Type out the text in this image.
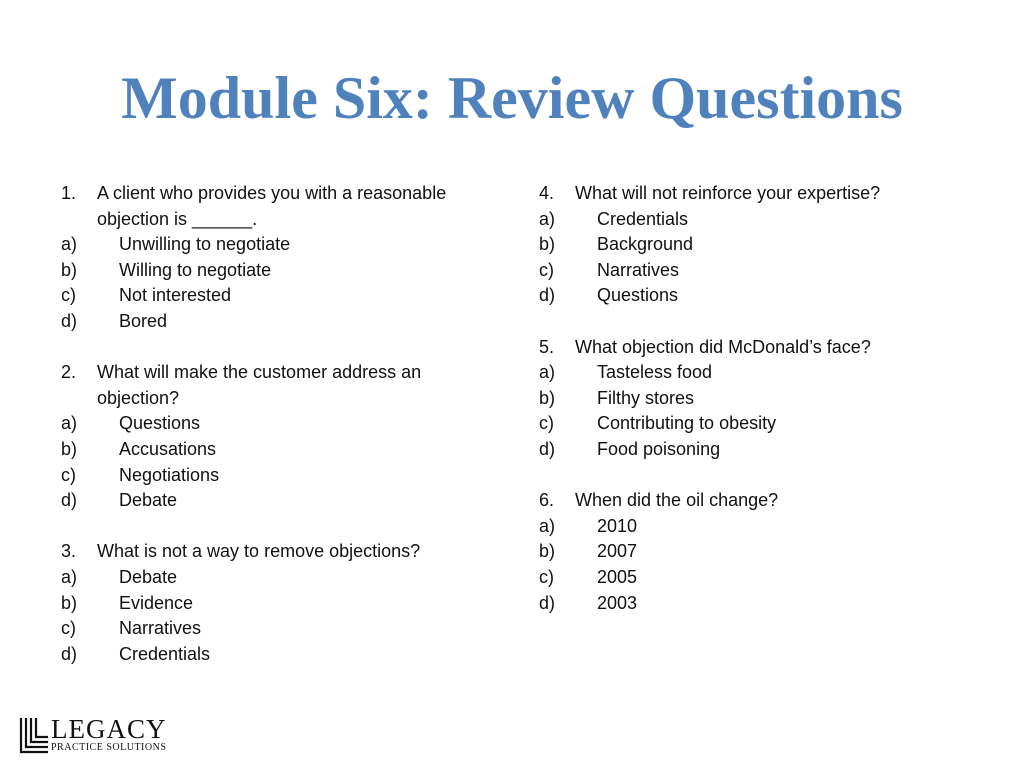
Module Six: Review Questions
1.	A client who provides you with a reasonable objection is ______.
a)	Unwilling to negotiate
b)	Willing to negotiate
c)	Not interested
d)	Bored
2.	What will make the customer address an objection?
a)	Questions
b)	Accusations
c)	Negotiations
d)	Debate
3.	What is not a way to remove objections?
a)	Debate
b)	Evidence
c)	Narratives
d)	Credentials
4.	What will not reinforce your expertise?
a)	Credentials
b)	Background
c)	Narratives
d)	Questions
5.	What objection did McDonald’s face?
a)	Tasteless food
b)	Filthy stores
c)	Contributing to obesity
d)	Food poisoning
6.	When did the oil change?
a)	2010
b)	2007
c)	2005
d)	2003
LEGACY
PRACTICE SOLUTIONS
